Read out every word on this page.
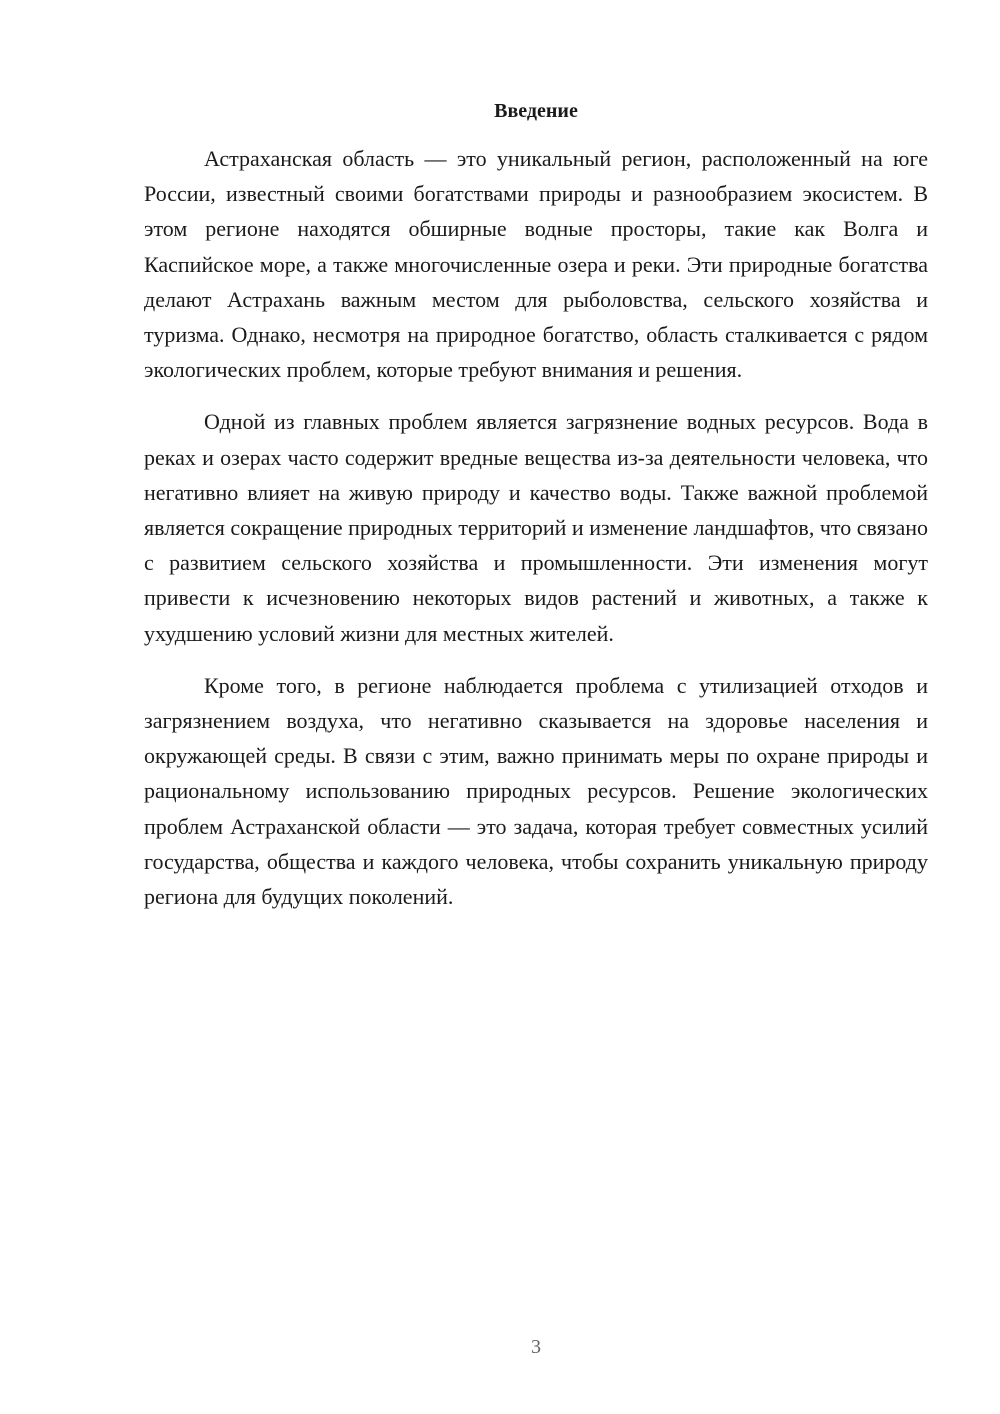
Введение

Астраханская область — это уникальный регион, расположенный на юге России, известный своими богатствами природы и разнообразием экосистем. В этом регионе находятся обширные водные просторы, такие как Волга и Каспийское море, а также многочисленные озера и реки. Эти природные богатства делают Астрахань важным местом для рыболовства, сельского хозяйства и туризма. Однако, несмотря на природное богатство, область сталкивается с рядом экологических проблем, которые требуют внимания и решения.

Одной из главных проблем является загрязнение водных ресурсов. Вода в реках и озерах часто содержит вредные вещества из-за деятельности человека, что негативно влияет на живую природу и качество воды. Также важной проблемой является сокращение природных территорий и изменение ландшафтов, что связано с развитием сельского хозяйства и промышленности. Эти изменения могут привести к исчезновению некоторых видов растений и животных, а также к ухудшению условий жизни для местных жителей.

Кроме того, в регионе наблюдается проблема с утилизацией отходов и загрязнением воздуха, что негативно сказывается на здоровье населения и окружающей среды. В связи с этим, важно принимать меры по охране природы и рациональному использованию природных ресурсов. Решение экологических проблем Астраханской области — это задача, которая требует совместных усилий государства, общества и каждого человека, чтобы сохранить уникальную природу региона для будущих поколений.

3
